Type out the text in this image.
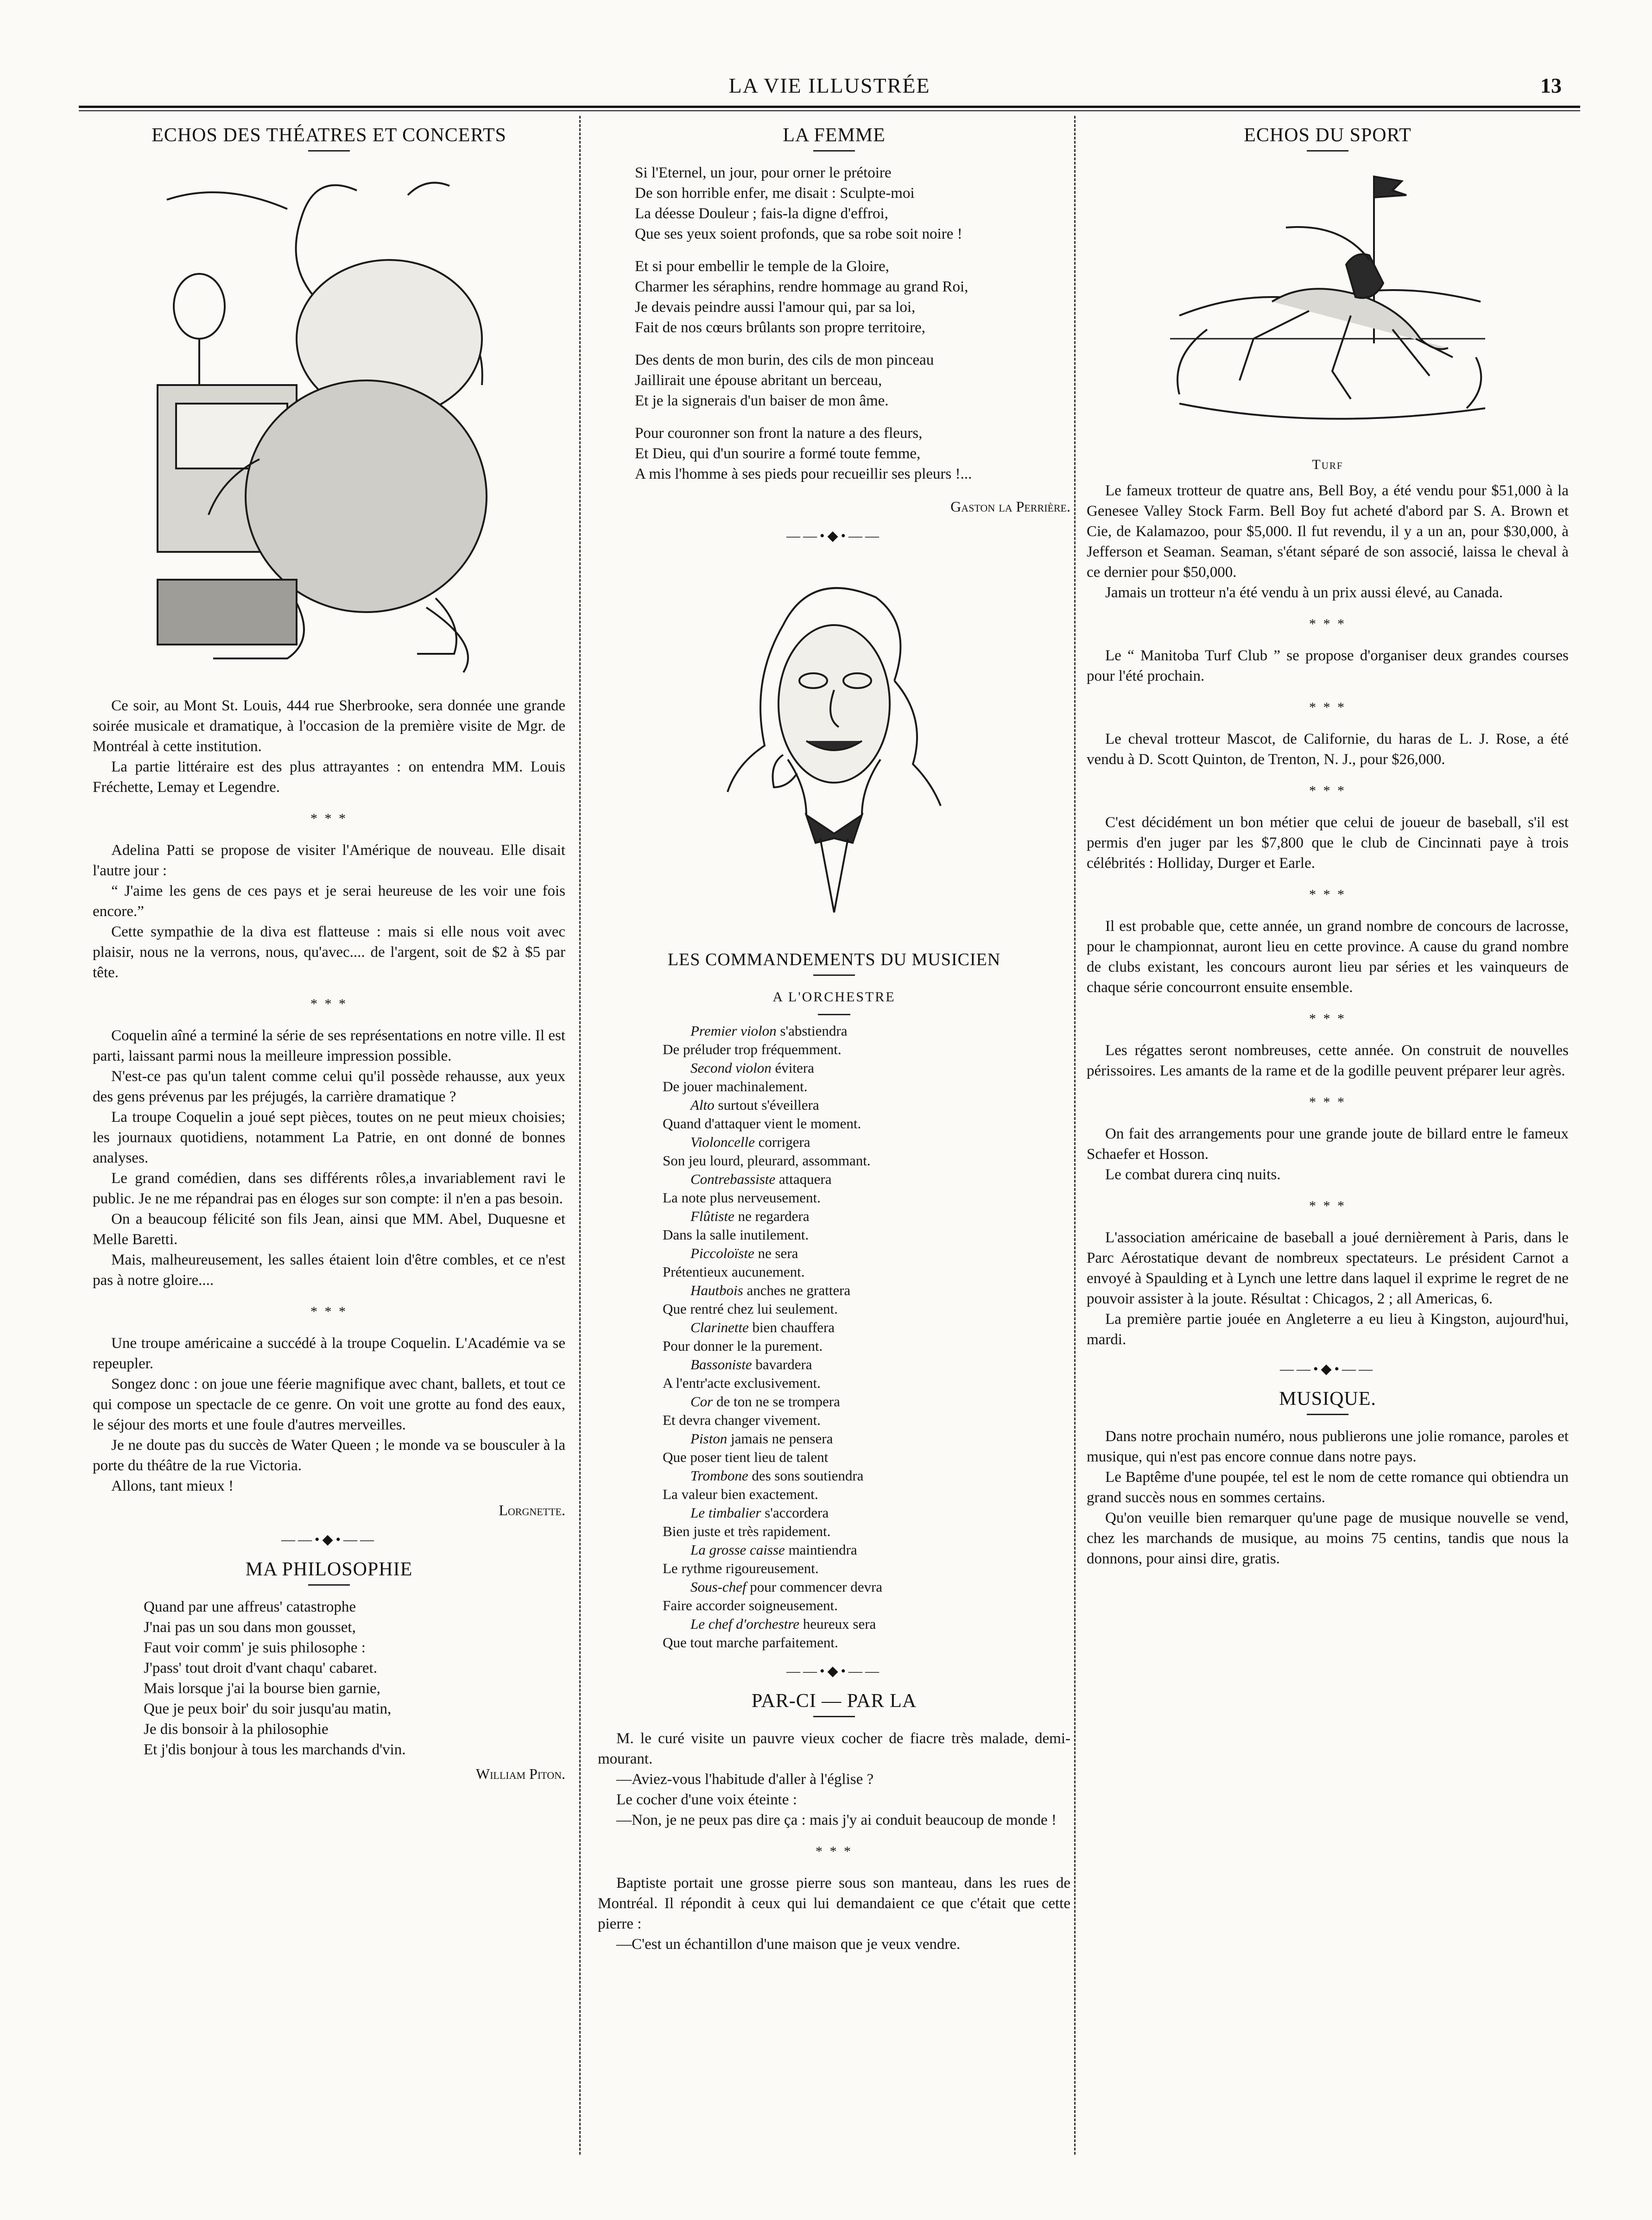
LA VIE ILLUSTRÉE	13
ECHOS DES THÉATRES ET CONCERTS

Ce soir, au Mont St. Louis, 444 rue Sherbrooke, sera donnée une grande soirée musicale et dramatique, à l'occasion de la première visite de Mgr. de Montréal à cette institution.

La partie littéraire est des plus attrayantes : on entendra MM. Louis Fréchette, Lemay et Legendre.

* * *

Adelina Patti se propose de visiter l'Amérique de nouveau. Elle disait l'autre jour :

“ J'aime les gens de ces pays et je serai heureuse de les voir une fois encore.”

Cette sympathie de la diva est flatteuse : mais si elle nous voit avec plaisir, nous ne la verrons, nous, qu'avec.... de l'argent, soit de $2 à $5 par tête.

* * *

Coquelin aîné a terminé la série de ses représentations en notre ville. Il est parti, laissant parmi nous la meilleure impression possible.

N'est-ce pas qu'un talent comme celui qu'il possède rehausse, aux yeux des gens prévenus par les préjugés, la carrière dramatique ?

La troupe Coquelin a joué sept pièces, toutes on ne peut mieux choisies; les journaux quotidiens, notamment La Patrie, en ont donné de bonnes analyses.

Le grand comédien, dans ses différents rôles,a invariablement ravi le public. Je ne me répandrai pas en éloges sur son compte: il n'en a pas besoin.

On a beaucoup félicité son fils Jean, ainsi que MM. Abel, Duquesne et Melle Baretti.

Mais, malheureusement, les salles étaient loin d'être combles, et ce n'est pas à notre gloire....

* * *

Une troupe américaine a succédé à la troupe Coquelin. L'Académie va se repeupler.

Songez donc : on joue une féerie magnifique avec chant, ballets, et tout ce qui compose un spectacle de ce genre. On voit une grotte au fond des eaux, le séjour des morts et une foule d'autres merveilles.

Je ne doute pas du succès de Water Queen ; le monde va se bousculer à la porte du théâtre de la rue Victoria.

Allons, tant mieux !

Lorgnette.
——•◆•——
MA PHILOSOPHIE
Quand par une affreus' catastrophe
J'nai pas un sou dans mon gousset,
Faut voir comm' je suis philosophe :
J'pass' tout droit d'vant chaqu' cabaret.
Mais lorsque j'ai la bourse bien garnie,
Que je peux boir' du soir jusqu'au matin,
Je dis bonsoir à la philosophie
Et j'dis bonjour à tous les marchands d'vin.
William Piton.
LA FEMME
Si l'Eternel, un jour, pour orner le prétoire
De son horrible enfer, me disait : Sculpte-moi
La déesse Douleur ; fais-la digne d'effroi,
Que ses yeux soient profonds, que sa robe soit noire !
Et si pour embellir le temple de la Gloire,
Charmer les séraphins, rendre hommage au grand Roi,
Je devais peindre aussi l'amour qui, par sa loi,
Fait de nos cœurs brûlants son propre territoire,
Des dents de mon burin, des cils de mon pinceau
Jaillirait une épouse abritant un berceau,
Et je la signerais d'un baiser de mon âme.
Pour couronner son front la nature a des fleurs,
Et Dieu, qui d'un sourire a formé toute femme,
A mis l'homme à ses pieds pour recueillir ses pleurs !...
Gaston la Perrière.
——•◆•——
LES COMMANDEMENTS DU MUSICIEN
A L'ORCHESTRE
Premier violon s'abstiendra
De préluder trop fréquemment.
Second violon évitera
De jouer machinalement.
Alto surtout s'éveillera
Quand d'attaquer vient le moment.
Violoncelle corrigera
Son jeu lourd, pleurard, assommant.
Contrebassiste attaquera
La note plus nerveusement.
Flûtiste ne regardera
Dans la salle inutilement.
Piccoloïste ne sera
Prétentieux aucunement.
Hautbois anches ne grattera
Que rentré chez lui seulement.
Clarinette bien chauffera
Pour donner le la purement.
Bassoniste bavardera
A l'entr'acte exclusivement.
Cor de ton ne se trompera
Et devra changer vivement.
Piston jamais ne pensera
Que poser tient lieu de talent
Trombone des sons soutiendra
La valeur bien exactement.
Le timbalier s'accordera
Bien juste et très rapidement.
La grosse caisse maintiendra
Le rythme rigoureusement.
Sous-chef pour commencer devra
Faire accorder soigneusement.
Le chef d'orchestre heureux sera
Que tout marche parfaitement.
——•◆•——
PAR-CI — PAR LA

M. le curé visite un pauvre vieux cocher de fiacre très malade, demi-mourant.

—Aviez-vous l'habitude d'aller à l'église ?

Le cocher d'une voix éteinte :

—Non, je ne peux pas dire ça : mais j'y ai conduit beaucoup de monde !

* * *

Baptiste portait une grosse pierre sous son manteau, dans les rues de Montréal. Il répondit à ceux qui lui demandaient ce que c'était que cette pierre :

—C'est un échantillon d'une maison que je veux vendre.

ECHOS DU SPORT
Turf

Le fameux trotteur de quatre ans, Bell Boy, a été vendu pour $51,000 à la Genesee Valley Stock Farm. Bell Boy fut acheté d'abord par S. A. Brown et Cie, de Kalamazoo, pour $5,000. Il fut revendu, il y a un an, pour $30,000, à Jefferson et Seaman. Seaman, s'étant séparé de son associé, laissa le cheval à ce dernier pour $50,000.

Jamais un trotteur n'a été vendu à un prix aussi élevé, au Canada.

* * *

Le “ Manitoba Turf Club ” se propose d'organiser deux grandes courses pour l'été prochain.

* * *

Le cheval trotteur Mascot, de Californie, du haras de L. J. Rose, a été vendu à D. Scott Quinton, de Trenton, N. J., pour $26,000.

* * *

C'est décidément un bon métier que celui de joueur de baseball, s'il est permis d'en juger par les $7,800 que le club de Cincinnati paye à trois célébrités : Holliday, Durger et Earle.

* * *

Il est probable que, cette année, un grand nombre de concours de lacrosse, pour le championnat, auront lieu en cette province. A cause du grand nombre de clubs existant, les concours auront lieu par séries et les vainqueurs de chaque série concourront ensuite ensemble.

* * *

Les régattes seront nombreuses, cette année. On construit de nouvelles périssoires. Les amants de la rame et de la godille peuvent préparer leur agrès.

* * *

On fait des arrangements pour une grande joute de billard entre le fameux Schaefer et Hosson.

Le combat durera cinq nuits.

* * *

L'association américaine de baseball a joué dernièrement à Paris, dans le Parc Aérostatique devant de nombreux spectateurs. Le président Carnot a envoyé à Spaulding et à Lynch une lettre dans laquel il exprime le regret de ne pouvoir assister à la joute. Résultat : Chicagos, 2 ; all Americas, 6.

La première partie jouée en Angleterre a eu lieu à Kingston, aujourd'hui, mardi.

——•◆•——
MUSIQUE.

Dans notre prochain numéro, nous publierons une jolie romance, paroles et musique, qui n'est pas encore connue dans notre pays.

Le Baptême d'une poupée, tel est le nom de cette romance qui obtiendra un grand succès nous en sommes certains.

Qu'on veuille bien remarquer qu'une page de musique nouvelle se vend, chez les marchands de musique, au moins 75 centins, tandis que nous la donnons, pour ainsi dire, gratis.
